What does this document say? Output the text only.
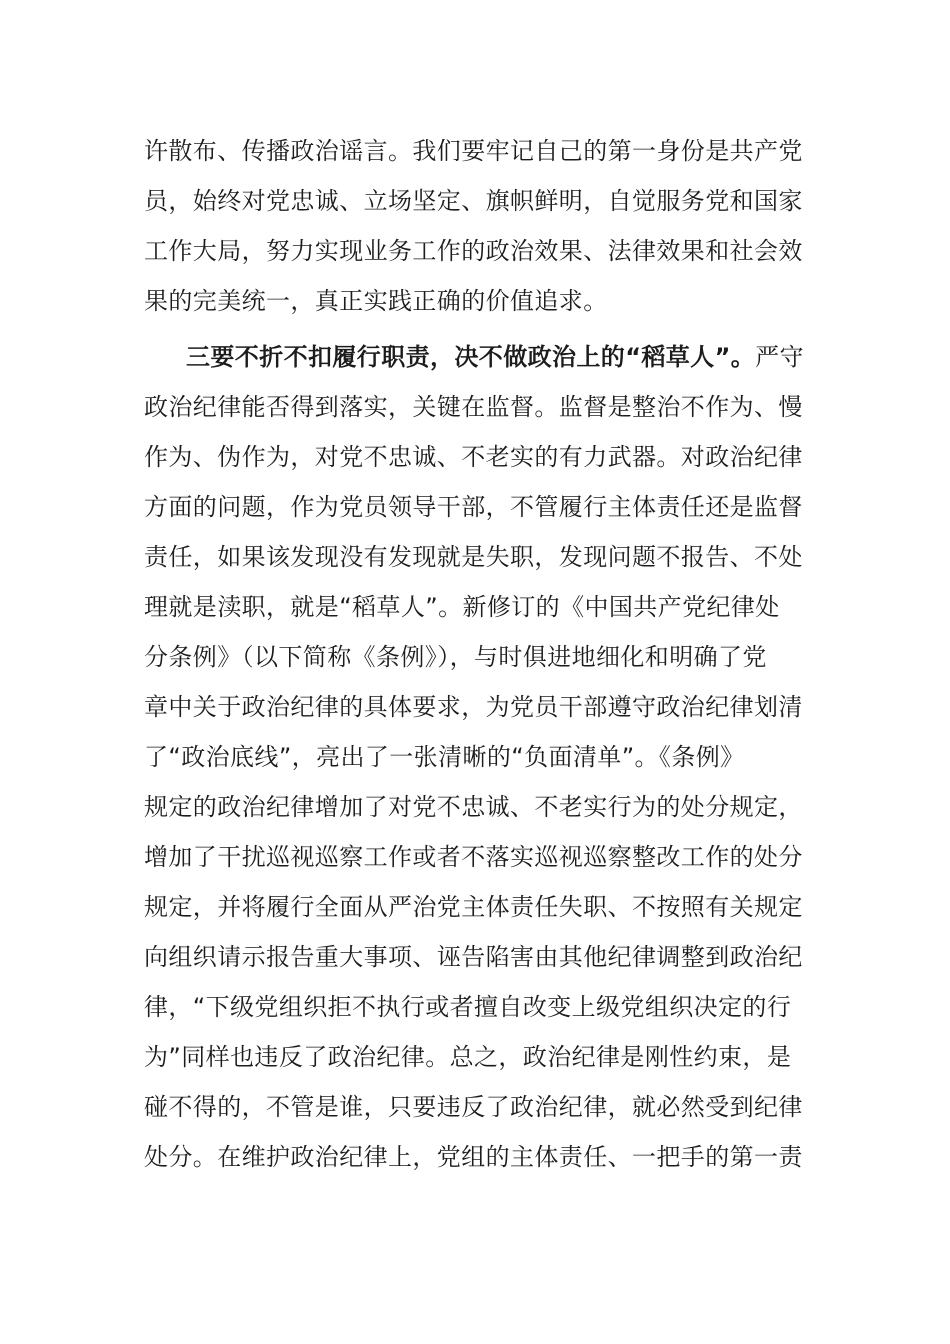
许散布、传播政治谣言。我们要牢记自己的第一身份是共产党
员，始终对党忠诚、立场坚定、旗帜鲜明，自觉服务党和国家
工作大局，努力实现业务工作的政治效果、法律效果和社会效
果的完美统一，真正实践正确的价值追求。
三要不折不扣履行职责，决不做政治上的“稻草人”。严守
政治纪律能否得到落实，关键在监督。监督是整治不作为、慢
作为、伪作为，对党不忠诚、不老实的有力武器。对政治纪律
方面的问题，作为党员领导干部，不管履行主体责任还是监督
责任，如果该发现没有发现就是失职，发现问题不报告、不处
理就是渎职，就是“稻草人”。新修订的《中国共产党纪律处
分条例》（以下简称《条例》），与时俱进地细化和明确了党
章中关于政治纪律的具体要求，为党员干部遵守政治纪律划清
了“政治底线”，亮出了一张清晰的“负面清单”。《条例》
规定的政治纪律增加了对党不忠诚、不老实行为的处分规定，
增加了干扰巡视巡察工作或者不落实巡视巡察整改工作的处分
规定，并将履行全面从严治党主体责任失职、不按照有关规定
向组织请示报告重大事项、诬告陷害由其他纪律调整到政治纪
律，“下级党组织拒不执行或者擅自改变上级党组织决定的行
为”同样也违反了政治纪律。总之，政治纪律是刚性约束，是
碰不得的，不管是谁，只要违反了政治纪律，就必然受到纪律
处分。在维护政治纪律上，党组的主体责任、一把手的第一责
